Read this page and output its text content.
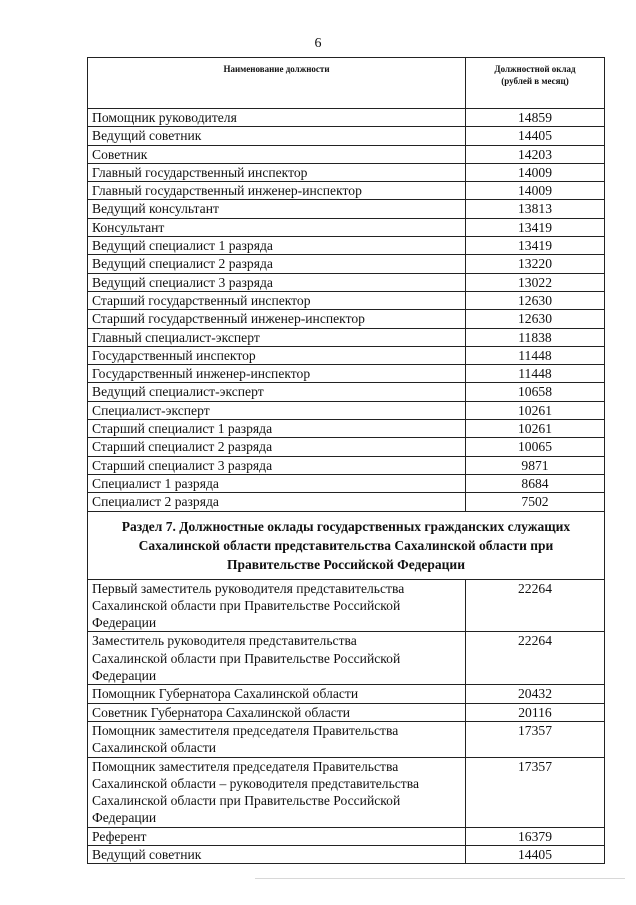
6
Наименование должности	Должностной оклад
(рублей в месяц)
Помощник руководителя	14859
Ведущий советник	14405
Советник	14203
Главный государственный инспектор	14009
Главный государственный инженер-инспектор	14009
Ведущий консультант	13813
Консультант	13419
Ведущий специалист 1 разряда	13419
Ведущий специалист 2 разряда	13220
Ведущий специалист 3 разряда	13022
Старший государственный инспектор	12630
Старший государственный инженер-инспектор	12630
Главный специалист-эксперт	11838
Государственный инспектор	11448
Государственный инженер-инспектор	11448
Ведущий специалист-эксперт	10658
Специалист-эксперт	10261
Старший специалист 1 разряда	10261
Старший специалист 2 разряда	10065
Старший специалист 3 разряда	9871
Специалист 1 разряда	8684
Специалист 2 разряда	7502
Раздел 7. Должностные оклады государственных гражданских служащих
Сахалинской области представительства Сахалинской области при
Правительстве Российской Федерации	
Первый заместитель руководителя представительства
Сахалинской области при Правительстве Российской
Федерации	22264
Заместитель руководителя представительства
Сахалинской области при Правительстве Российской
Федерации	22264
Помощник Губернатора Сахалинской области	20432
Советник Губернатора Сахалинской области	20116
Помощник заместителя председателя Правительства
Сахалинской области	17357
Помощник заместителя председателя Правительства
Сахалинской области – руководителя представительства
Сахалинской области при Правительстве Российской
Федерации	17357
Референт	16379
Ведущий советник	14405
